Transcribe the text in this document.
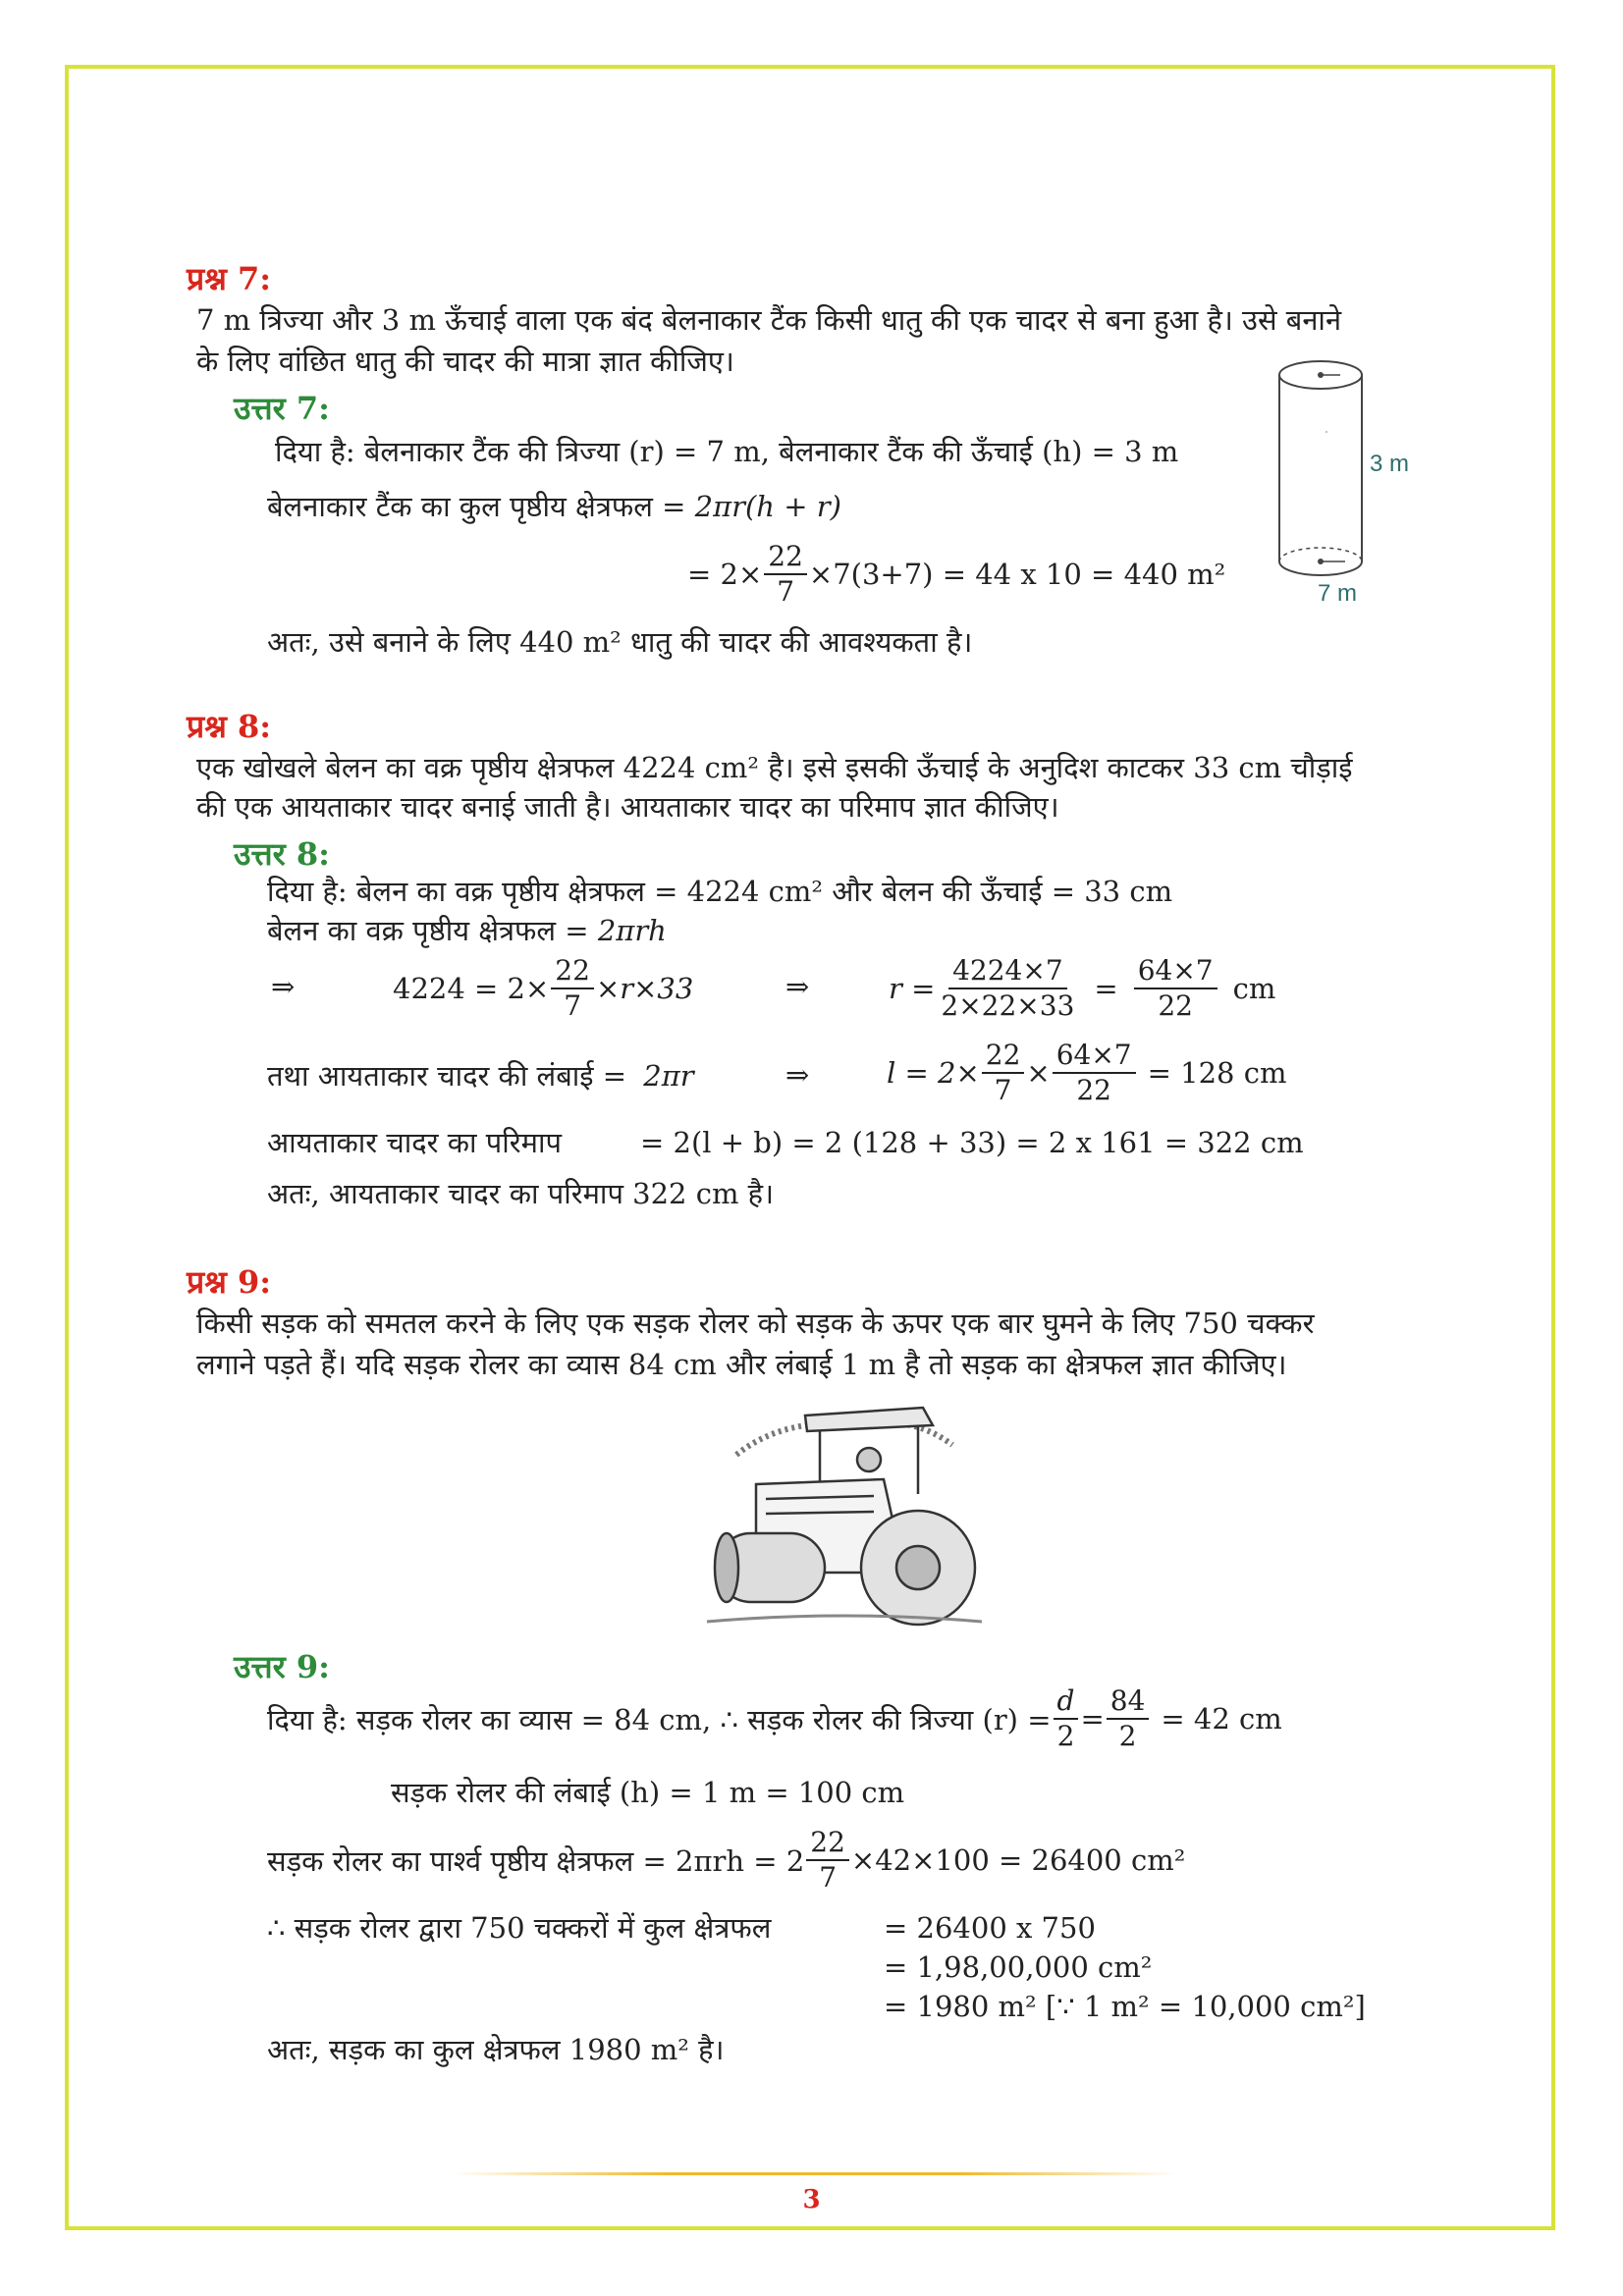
प्रश्न 7:
7 m त्रिज्या और 3 m ऊँचाई वाला एक बंद बेलनाकार टैंक किसी धातु की एक चादर से बना हुआ है। उसे बनाने
के लिए वांछित धातु की चादर की मात्रा ज्ञात कीजिए।
उत्तर 7:
दिया है: बेलनाकार टैंक की त्रिज्या (r) = 7 m, बेलनाकार टैंक की ऊँचाई (h) = 3 m
बेलनाकार टैंक का कुल पृष्ठीय क्षेत्रफल = 2πr(h + r)
= $2\times \frac{22}{7} \times 7(3+7) = 44$ x 10 = 440 m²
अतः, उसे बनाने के लिए 440 m² धातु की चादर की आवश्यकता है।
3 m
7 m
प्रश्न 8:
एक खोखले बेलन का वक्र पृष्ठीय क्षेत्रफल 4224 cm² है। इसे इसकी ऊँचाई के अनुदिश काटकर 33 cm चौड़ाई
की एक आयताकार चादर बनाई जाती है। आयताकार चादर का परिमाप ज्ञात कीजिए।
उत्तर 8:
दिया है: बेलन का वक्र पृष्ठीय क्षेत्रफल = 4224 cm² और बेलन की ऊँचाई = 33 cm
बेलन का वक्र पृष्ठीय क्षेत्रफल = 2πrh
⇒	$4224 = 2\times \frac{22}{7} \times r\times 33$	⇒	$r = \frac{4224\times 7}{2\times 22\times 33} = \frac{64\times 7}{22}$ cm
तथा आयताकार चादर की लंबाई = 2πr	⇒	$l = 2\times \frac{22}{7} \times \frac{64\times 7}{22} = 128$ cm
आयताकार चादर का परिमाप	= 2(l + b) = 2 (128 + 33) = 2 x 161 = 322 cm
अतः, आयताकार चादर का परिमाप 322 cm है।
प्रश्न 9:
किसी सड़क को समतल करने के लिए एक सड़क रोलर को सड़क के ऊपर एक बार घुमने के लिए 750 चक्कर
लगाने पड़ते हैं। यदि सड़क रोलर का व्यास 84 cm और लंबाई 1 m है तो सड़क का क्षेत्रफल ज्ञात कीजिए।
उत्तर 9:
दिया है: सड़क रोलर का व्यास = 84 cm, ∴ सड़क रोलर की त्रिज्या $(r) = \frac{d}{2} = \frac{84}{2} = 42$ cm
सड़क रोलर की लंबाई (h) = 1 m = 100 cm
सड़क रोलर का पार्श्व पृष्ठीय क्षेत्रफल = $2\pi rh = 2 \frac{22}{7} \times 42\times 100 = 26400$ cm²
∴ सड़क रोलर द्वारा 750 चक्करों में कुल क्षेत्रफल	= 26400 x 750
= 1,98,00,000 cm²
= 1980 m² [∵ 1 m² = 10,000 cm²]
अतः, सड़क का कुल क्षेत्रफल 1980 m² है।
3
